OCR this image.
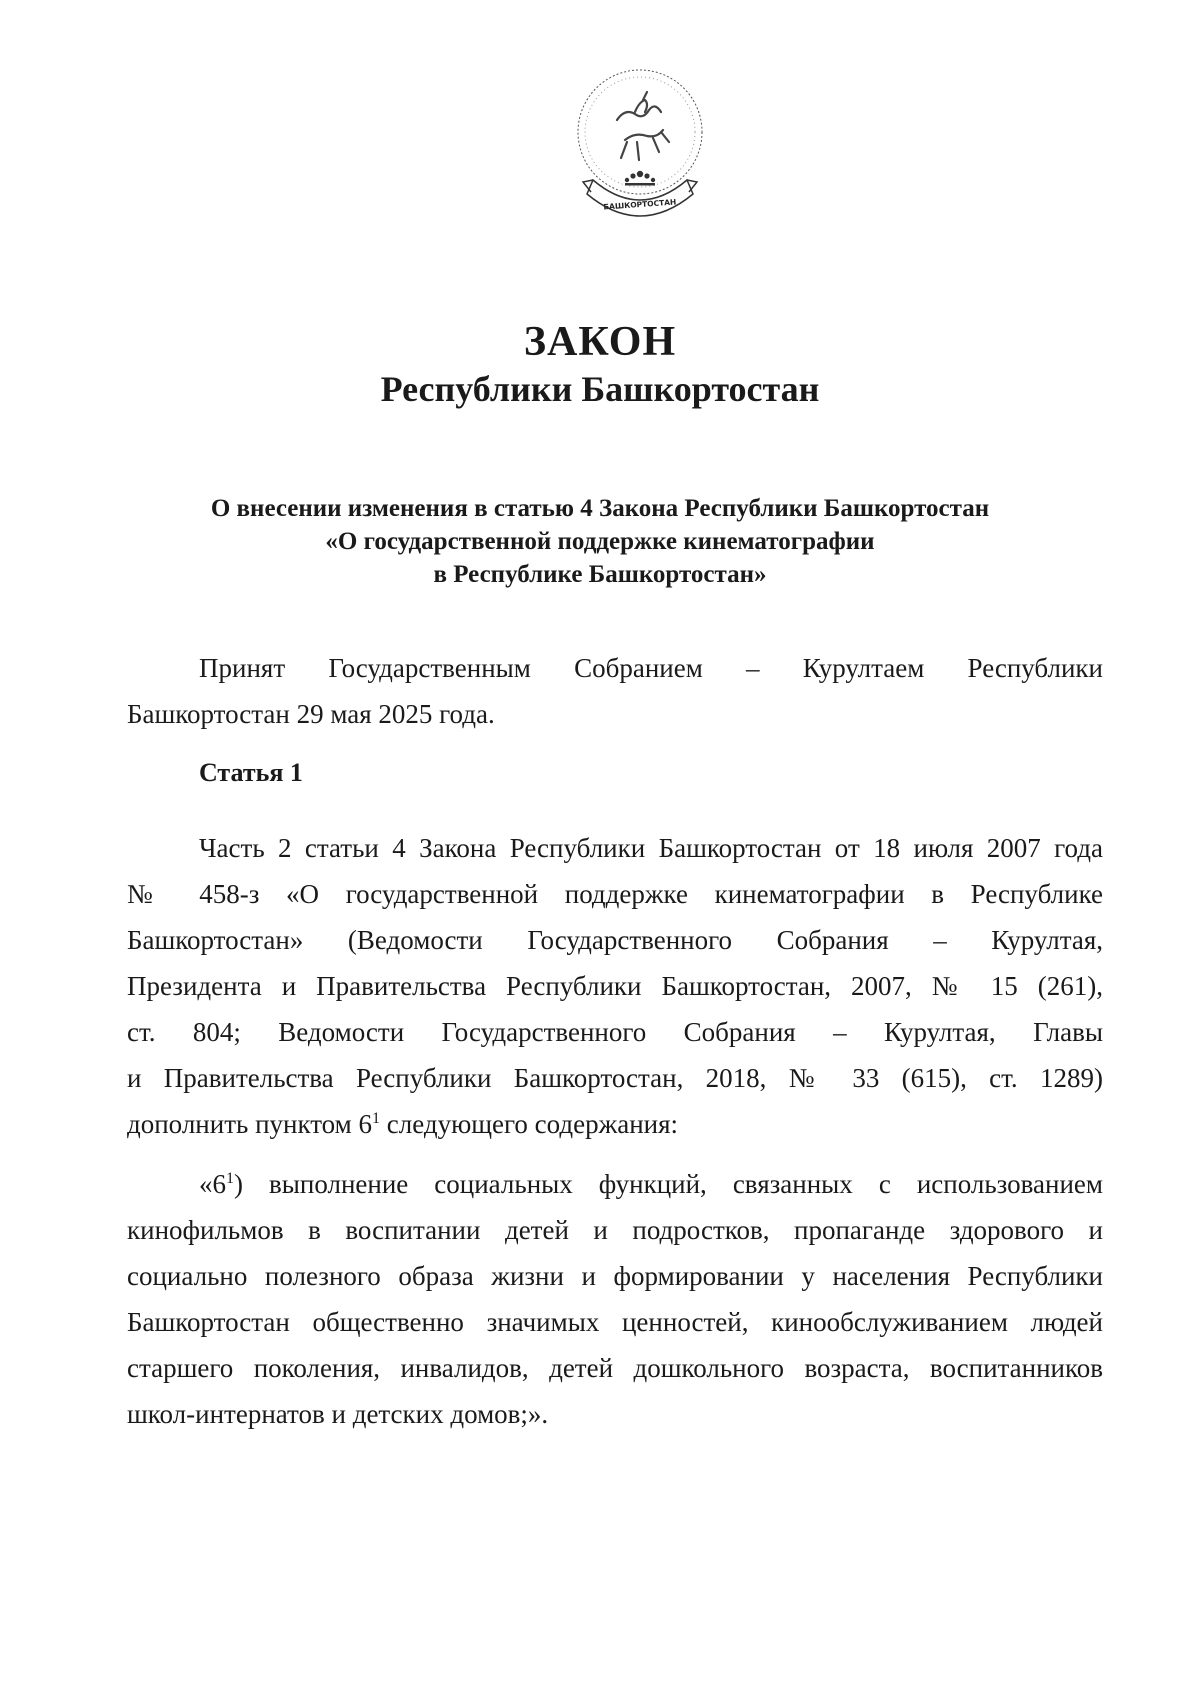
БАШКОРТОСТАН
ЗАКОН
Республики Башкортостан
О внесении изменения в статью 4 Закона Республики Башкортостан
«О государственной поддержке кинематографии
в Республике Башкортостан»
Принят Государственным Собранием – Курултаем Республики
Башкортостан 29 мая 2025 года.
Статья 1
Часть 2 статьи 4 Закона Республики Башкортостан от 18 июля 2007 года
№ 458-з «О государственной поддержке кинематографии в Республике
Башкортостан» (Ведомости Государственного Собрания – Курултая,
Президента и Правительства Республики Башкортостан, 2007, № 15 (261),
ст. 804; Ведомости Государственного Собрания – Курултая, Главы
и Правительства Республики Башкортостан, 2018, № 33 (615), ст. 1289)
дополнить пунктом $6^1$ следующего содержания:
«$6^1$) выполнение социальных функций, связанных с использованием
кинофильмов в воспитании детей и подростков, пропаганде здорового и
социально полезного образа жизни и формировании у населения Республики
Башкортостан общественно значимых ценностей, кинообслуживанием людей
старшего поколения, инвалидов, детей дошкольного возраста, воспитанников
школ-интернатов и детских домов;».
